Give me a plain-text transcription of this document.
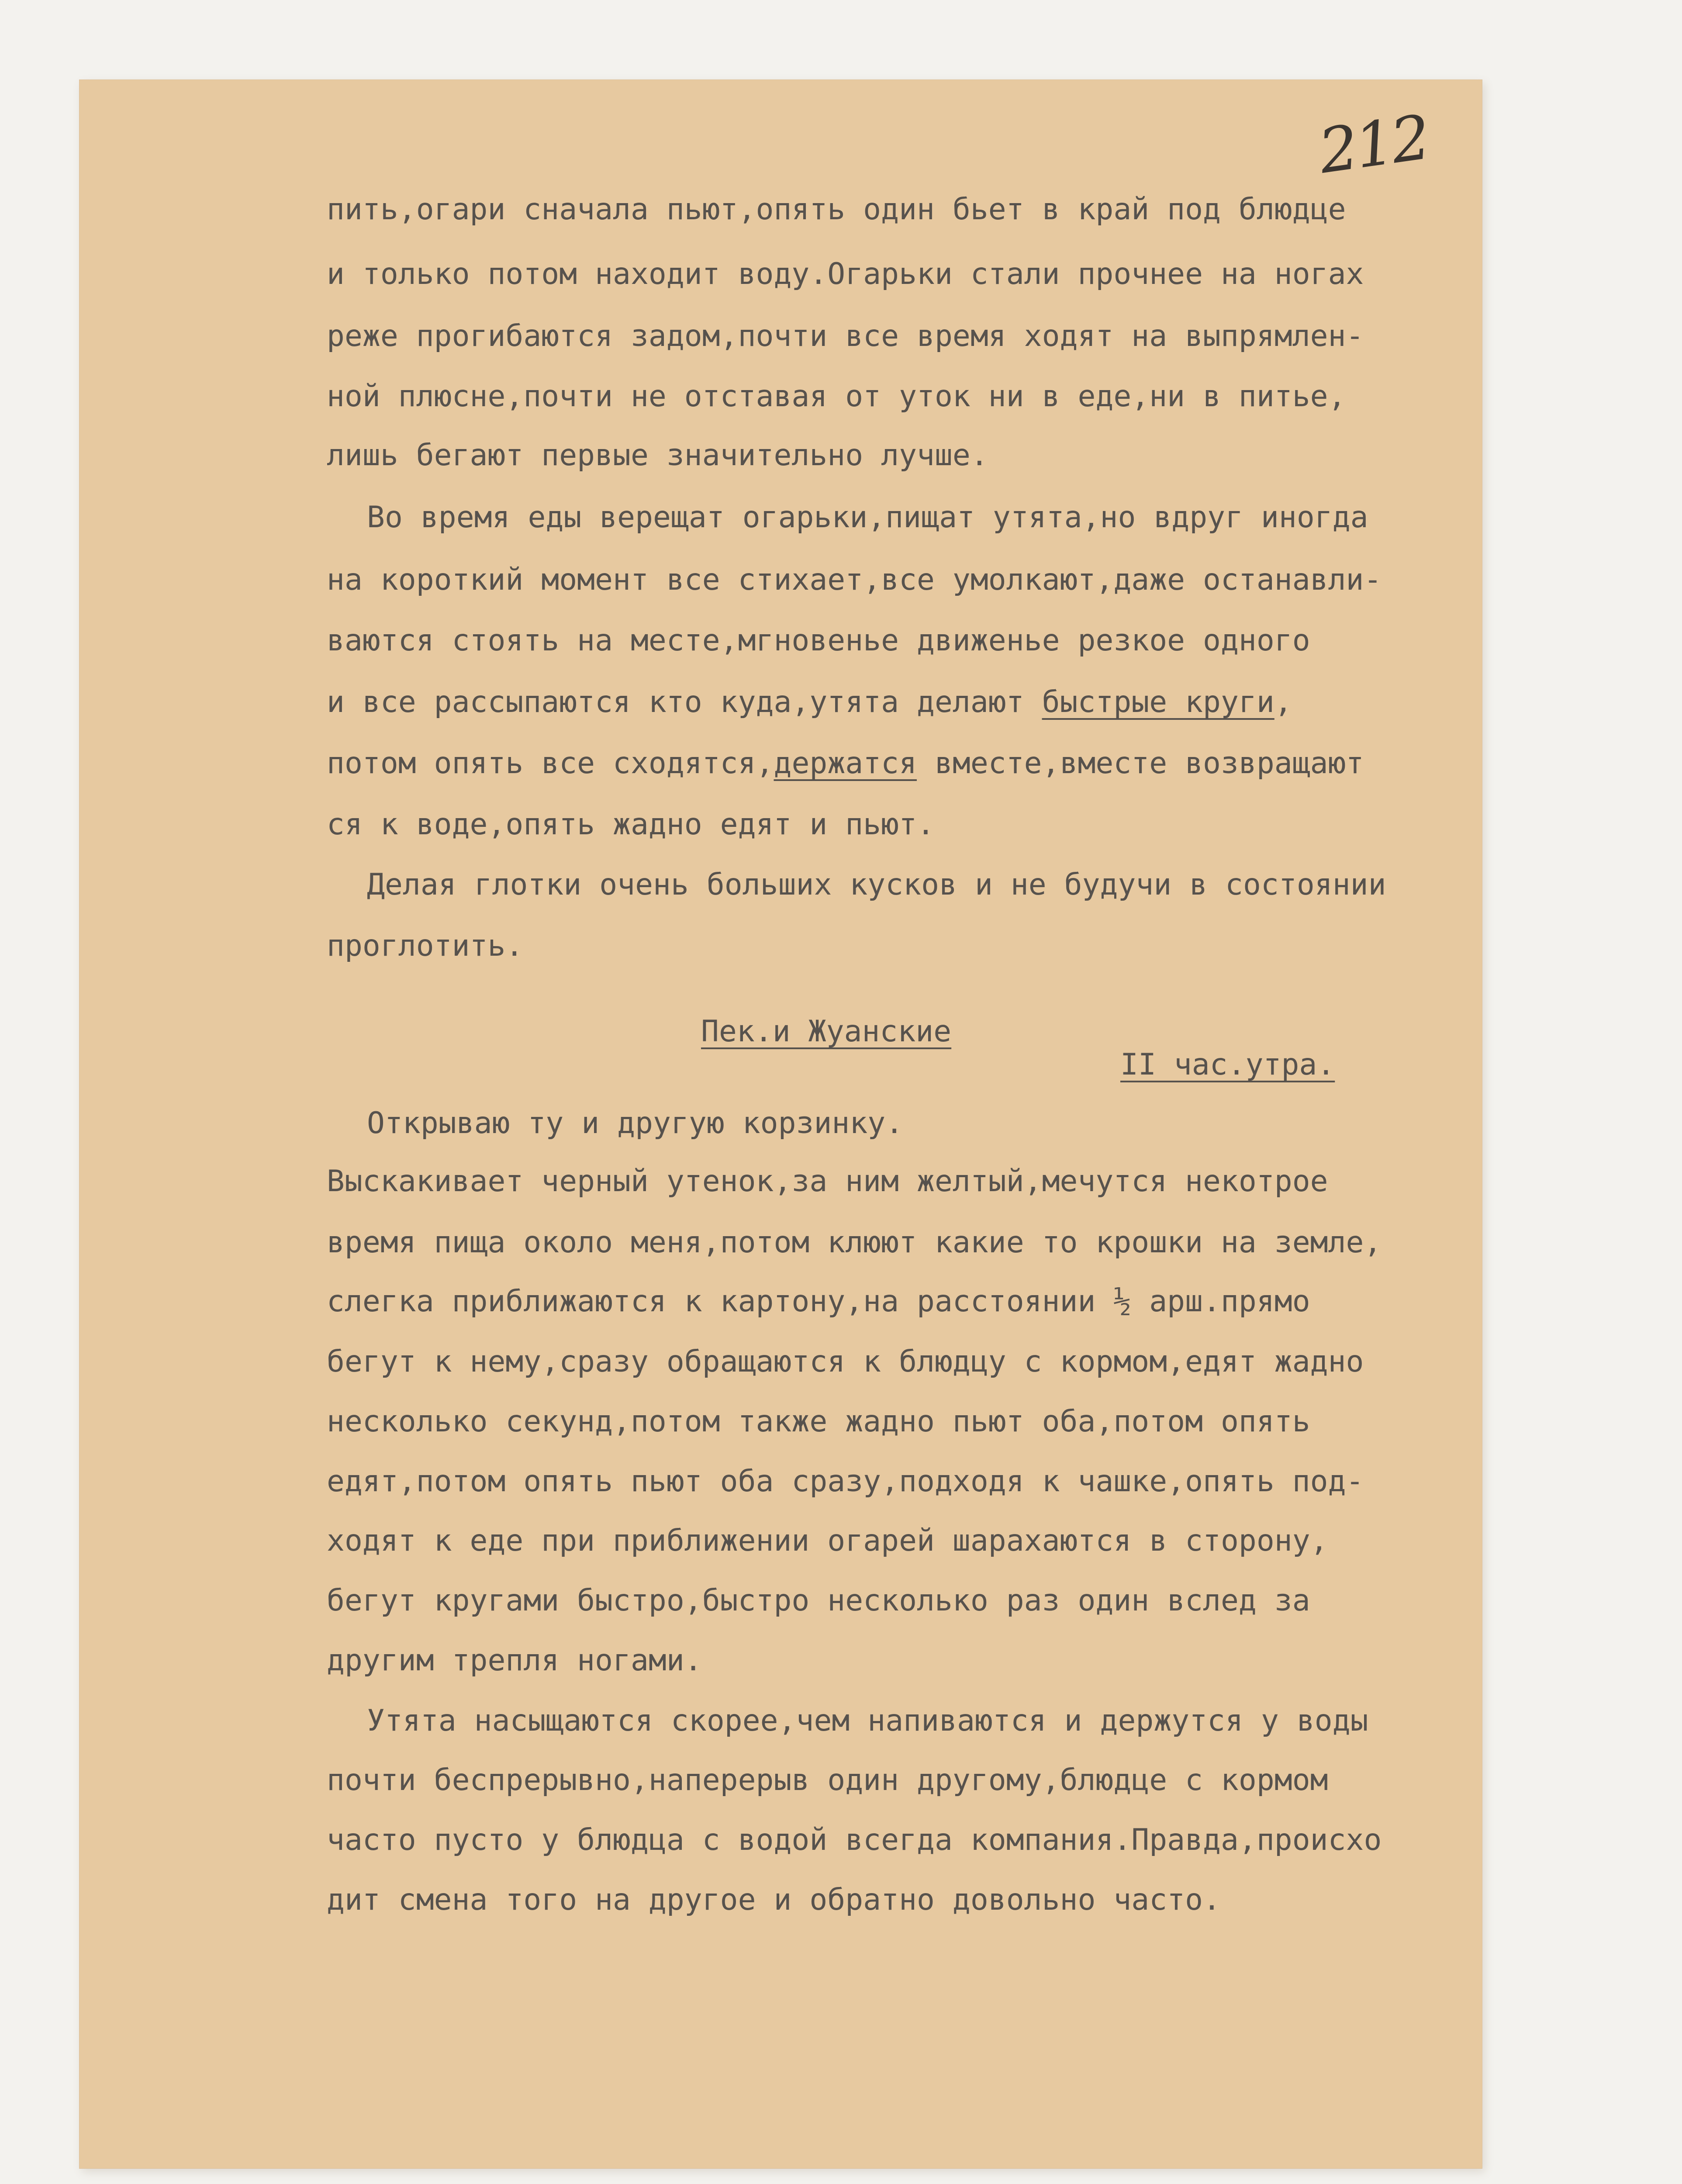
212

пить,огари сначала пьют,опять один бьет в край под блюдце

и только потом находит воду.Огарьки стали прочнее на ногах

реже прогибаются задом,почти все время ходят на выпрямлен-

ной плюсне,почти не отставая от уток ни в еде,ни в питье,

лишь бегают первые значительно лучше.

Во время еды верещат огарьки,пищат утята,но вдруг иногда

на короткий момент все стихает,все умолкают,даже останавли-

ваются стоять на месте,мгновенье движенье резкое одного

и все рассыпаются кто куда,утята делают быстрые круги,

потом опять все сходятся,держатся вместе,вместе возвращают

ся к воде,опять жадно едят и пьют.

Делая глотки очень больших кусков и не будучи в состоянии

проглотить.

Пек.и Жуанские

II час.утра.

Открываю ту и другую корзинку.

Выскакивает черный утенок,за ним желтый,мечутся некотрое

время пища около меня,потом клюют какие то крошки на земле,

слегка приближаются к картону,на расстоянии ½ арш.прямо

бегут к нему,сразу обращаются к блюдцу с кормом,едят жадно

несколько секунд,потом также жадно пьют оба,потом опять

едят,потом опять пьют оба сразу,подходя к чашке,опять под-

ходят к еде при приближении огарей шарахаются в сторону,

бегут кругами быстро,быстро несколько раз один вслед за

другим трепля ногами.

Утята насыщаются скорее,чем напиваются и держутся у воды

почти беспрерывно,наперерыв один другому,блюдце с кормом

часто пусто у блюдца с водой всегда компания.Правда,происхо

дит смена того на другое и обратно довольно часто.
